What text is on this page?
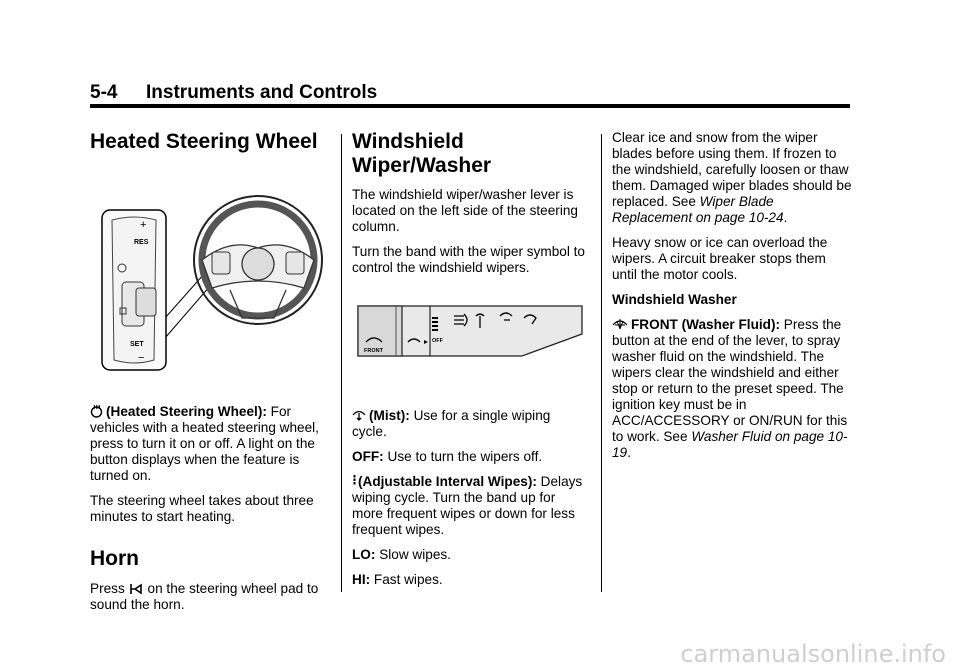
5-4 Instruments and Controls
Heated Steering Wheel
+
RES
SET
−

(Heated Steering Wheel): For vehicles with a heated steering wheel, press to turn it on or off. A light on the button displays when the feature is turned on.

The steering wheel takes about three minutes to start heating.

Horn

Press on the steering wheel pad to sound the horn.

Windshield Wiper/Washer

The windshield wiper/washer lever is located on the left side of the steering column.

Turn the band with the wiper symbol to control the windshield wipers.

FRONT
OFF

(Mist): Use for a single wiping cycle.

OFF: Use to turn the wipers off.

(Adjustable Interval Wipes): Delays wiping cycle. Turn the band up for more frequent wipes or down for less frequent wipes.

LO: Slow wipes.

HI: Fast wipes.

Clear ice and snow from the wiper blades before using them. If frozen to the windshield, carefully loosen or thaw them. Damaged wiper blades should be replaced. See Wiper Blade Replacement on page 10-24.

Heavy snow or ice can overload the wipers. A circuit breaker stops them until the motor cools.

Windshield Washer

FRONT (Washer Fluid): Press the button at the end of the lever, to spray washer fluid on the windshield. The wipers clear the windshield and either stop or return to the preset speed. The ignition key must be in ACC/ACCESSORY or ON/RUN for this to work. See Washer Fluid on page 10-19.

carmanualsonline.info
